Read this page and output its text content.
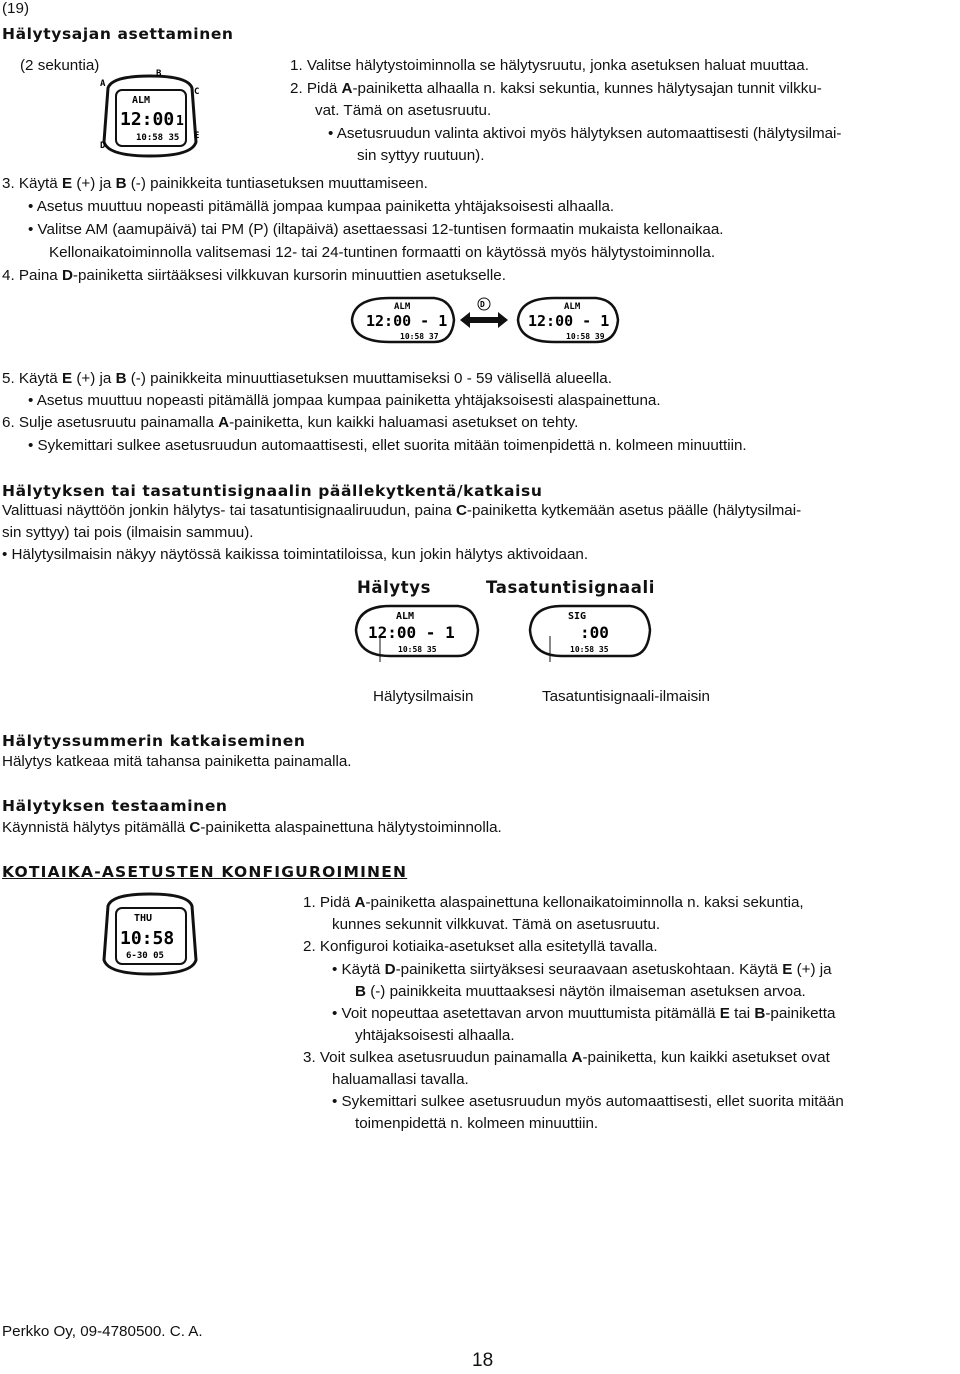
(19)
Hälytysajan asettaminen
(2 sekuntia)
ALM
12:00 1
10:58 35
A
B
C
D
E
1. Valitse hälytystoiminnolla se hälytysruutu, jonka asetuksen haluat muuttaa.
2. Pidä A-painiketta alhaalla n. kaksi sekuntia, kunnes hälytysajan tunnit vilkku-
vat. Tämä on asetusruutu.
• Asetusruudun valinta aktivoi myös hälytyksen automaattisesti (hälytysilmai-
sin syttyy ruutuun).
3. Käytä E (+) ja B (-) painikkeita tuntiasetuksen muuttamiseen.
• Asetus muuttuu nopeasti pitämällä jompaa kumpaa painiketta yhtäjaksoisesti alhaalla.
• Valitse AM (aamupäivä) tai PM (P) (iltapäivä) asettaessasi 12-tuntisen formaatin mukaista kellonaikaa.
Kellonaikatoiminnolla valitsemasi 12- tai 24-tuntinen formaatti on käytössä myös hälytystoiminnolla.
4. Paina D-painiketta siirtääksesi vilkkuvan kursorin minuuttien asetukselle.
ALM
12:00 - 1
10:58 37
D	ALM
12:00 - 1
10:58 39
5. Käytä E (+) ja B (-) painikkeita minuuttiasetuksen muuttamiseksi 0 - 59 välisellä alueella.
• Asetus muuttuu nopeasti pitämällä jompaa kumpaa painiketta yhtäjaksoisesti alaspainettuna.
6. Sulje asetusruutu painamalla A-painiketta, kun kaikki haluamasi asetukset on tehty.
• Sykemittari sulkee asetusruudun automaattisesti, ellet suorita mitään toimenpidettä n. kolmeen minuuttiin.
Hälytyksen tai tasatuntisignaalin päällekytkentä/katkaisu
Valittuasi näyttöön jonkin hälytys- tai tasatuntisignaaliruudun, paina C-painiketta kytkemään asetus päälle (hälytysilmai-
sin syttyy) tai pois (ilmaisin sammuu).
• Hälytysilmaisin näkyy näytössä kaikissa toimintatiloissa, kun jokin hälytys aktivoidaan.
Hälytys	Tasatuntisignaali
ALM
12:00 - 1
10:58 35
SIG
:00
10:58 35
Hälytysilmaisin	Tasatuntisignaali-ilmaisin
Hälytyssummerin katkaiseminen
Hälytys katkeaa mitä tahansa painiketta painamalla.
Hälytyksen testaaminen
Käynnistä hälytys pitämällä C-painiketta alaspainettuna hälytystoiminnolla.
KOTIAIKA-ASETUSTEN KONFIGUROIMINEN
THU
10:58
6-30 05
1. Pidä A-painiketta alaspainettuna kellonaikatoiminnolla n. kaksi sekuntia,
kunnes sekunnit vilkkuvat. Tämä on asetusruutu.
2. Konfiguroi kotiaika-asetukset alla esitetyllä tavalla.
• Käytä D-painiketta siirtyäksesi seuraavaan asetuskohtaan. Käytä E (+) ja
B (-) painikkeita muuttaaksesi näytön ilmaiseman asetuksen arvoa.
• Voit nopeuttaa asetettavan arvon muuttumista pitämällä E tai B-painiketta
yhtäjaksoisesti alhaalla.
3. Voit sulkea asetusruudun painamalla A-painiketta, kun kaikki asetukset ovat
haluamallasi tavalla.
• Sykemittari sulkee asetusruudun myös automaattisesti, ellet suorita mitään
toimenpidettä n. kolmeen minuuttiin.
Perkko Oy, 09-4780500. C. A.
18
